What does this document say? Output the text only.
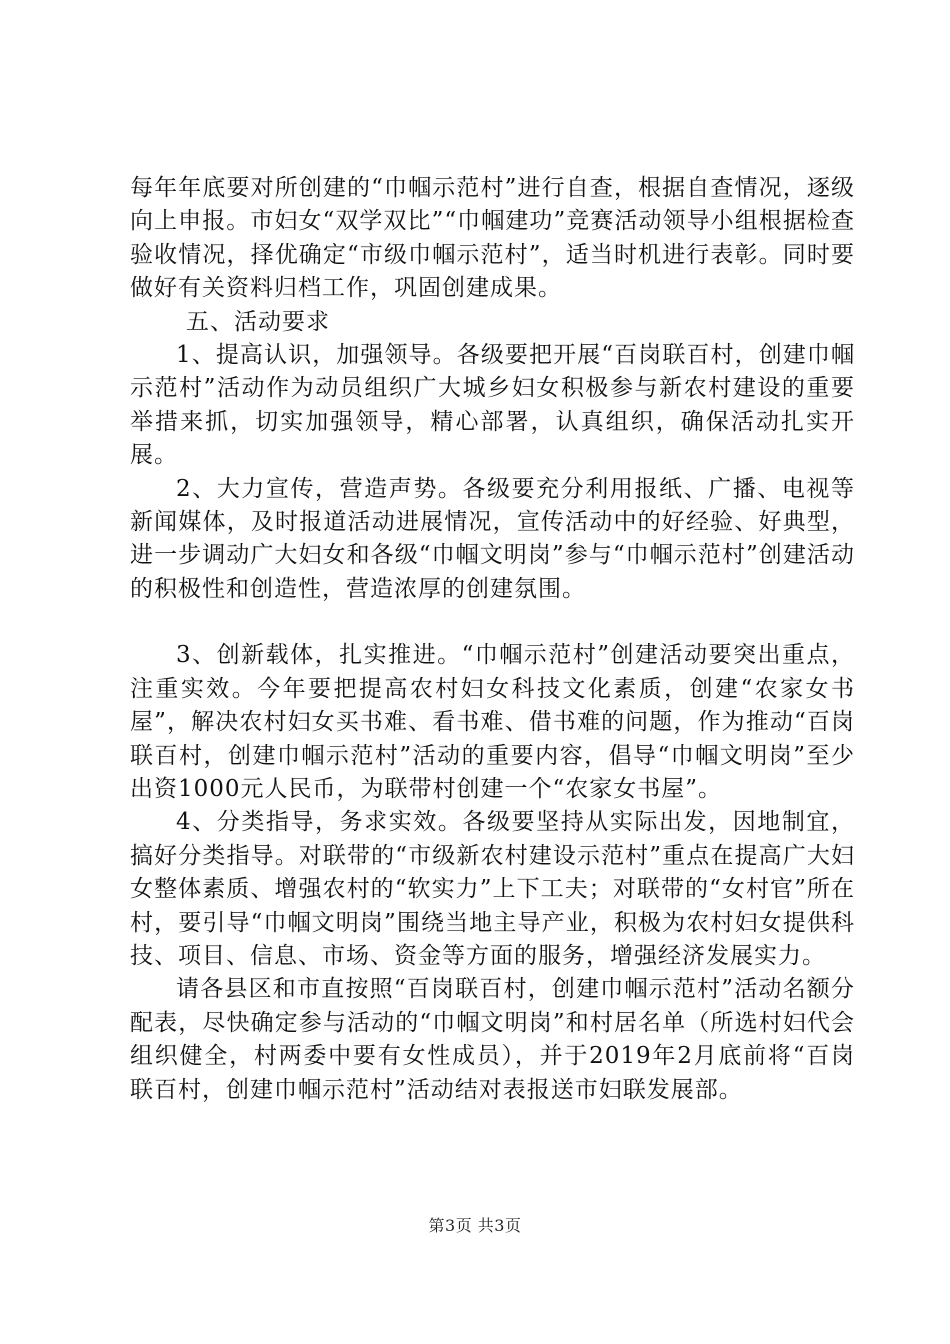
每年年底要对所创建的“巾帼示范村”进行自查，根据自查情况，逐级向上申报。市妇女“双学双比”“巾帼建功”竞赛活动领导小组根据检查验收情况，择优确定“市级巾帼示范村”，适当时机进行表彰。同时要做好有关资料归档工作，巩固创建成果。

五、活动要求

1、提高认识，加强领导。各级要把开展“百岗联百村，创建巾帼示范村”活动作为动员组织广大城乡妇女积极参与新农村建设的重要举措来抓，切实加强领导，精心部署，认真组织，确保活动扎实开展。

2、大力宣传，营造声势。各级要充分利用报纸、广播、电视等新闻媒体，及时报道活动进展情况，宣传活动中的好经验、好典型，进一步调动广大妇女和各级“巾帼文明岗”参与“巾帼示范村”创建活动的积极性和创造性，营造浓厚的创建氛围。

3、创新载体，扎实推进。“巾帼示范村”创建活动要突出重点，注重实效。今年要把提高农村妇女科技文化素质，创建“农家女书屋”，解决农村妇女买书难、看书难、借书难的问题，作为推动“百岗联百村，创建巾帼示范村”活动的重要内容，倡导“巾帼文明岗”至少出资1000元人民币，为联带村创建一个“农家女书屋”。

4、分类指导，务求实效。各级要坚持从实际出发，因地制宜，搞好分类指导。对联带的“市级新农村建设示范村”重点在提高广大妇女整体素质、增强农村的“软实力”上下工夫；对联带的“女村官”所在村，要引导“巾帼文明岗”围绕当地主导产业，积极为农村妇女提供科技、项目、信息、市场、资金等方面的服务，增强经济发展实力。

请各县区和市直按照“百岗联百村，创建巾帼示范村”活动名额分配表，尽快确定参与活动的“巾帼文明岗”和村居名单（所选村妇代会组织健全，村两委中要有女性成员），并于2019年2月底前将“百岗联百村，创建巾帼示范村”活动结对表报送市妇联发展部。

第3页 共3页
